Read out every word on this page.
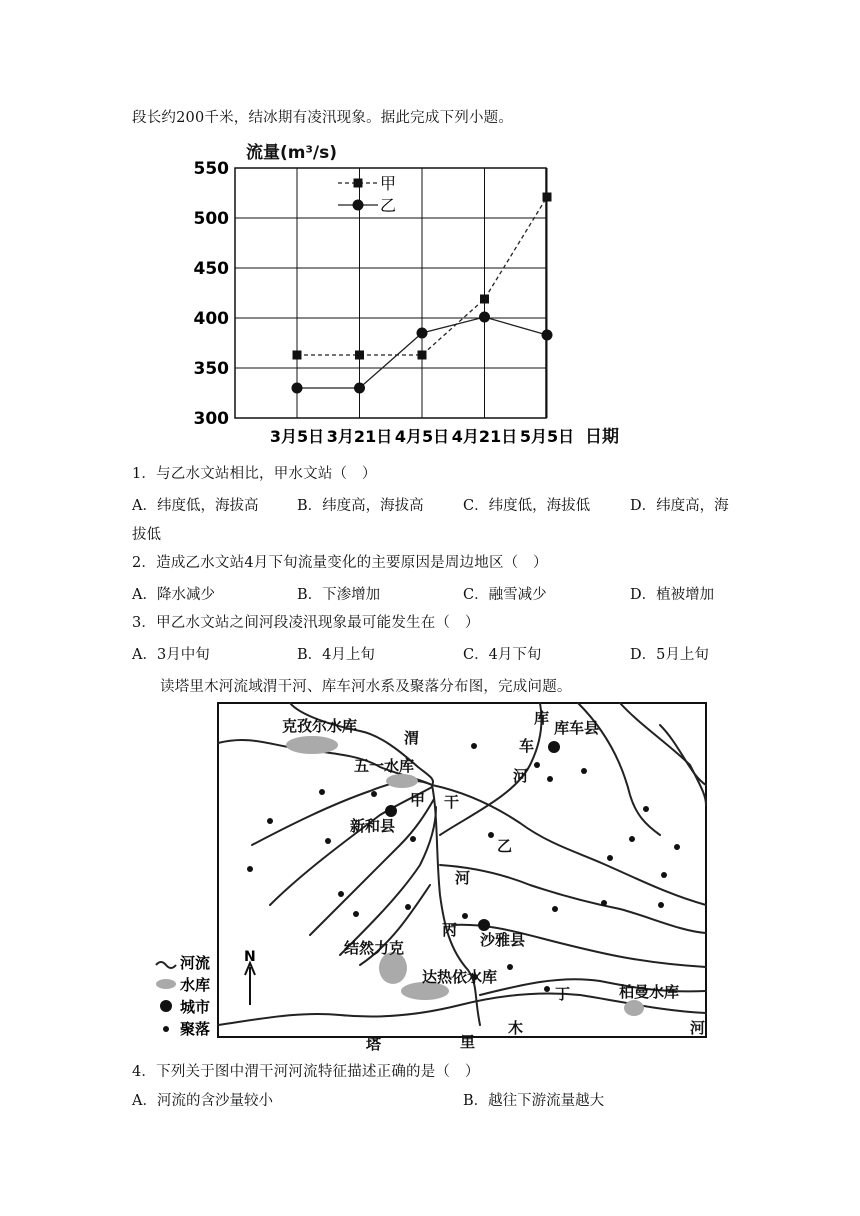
段长约200千米，结冰期有凌汛现象。据此完成下列小题。
流量(m³/s)
日期
550
500
450
400
350
300
3月5日 3月21日 4月5日 4月21日 5月5日
甲
乙
1．与乙水文站相比，甲水文站（　）
A．纬度低，海拔高	B．纬度高，海拔高	C．纬度低，海拔低	D．纬度高，海
拔低
2．造成乙水文站4月下旬流量变化的主要原因是周边地区（　）
A．降水减少	B．下渗增加	C．融雪减少	D．植被增加
3．甲乙水文站之间河段凌汛现象最可能发生在（　）
A．3月中旬	B．4月上旬	C．4月下旬	D．5月上旬
读塔里木河流域渭干河、库车河水系及聚落分布图，完成问题。
克孜尔水库
五一水库
新和县
甲
渭
干
河
乙
丙
沙雅县
结然力克
达热依水库
丁	柏曼水库
库
车
河
库车县
塔	里
木	河
河流
水库
城市
聚落
N
4．下列关于图中渭干河河流特征描述正确的是（　）
A．河流的含沙量较小	B．越往下游流量越大
